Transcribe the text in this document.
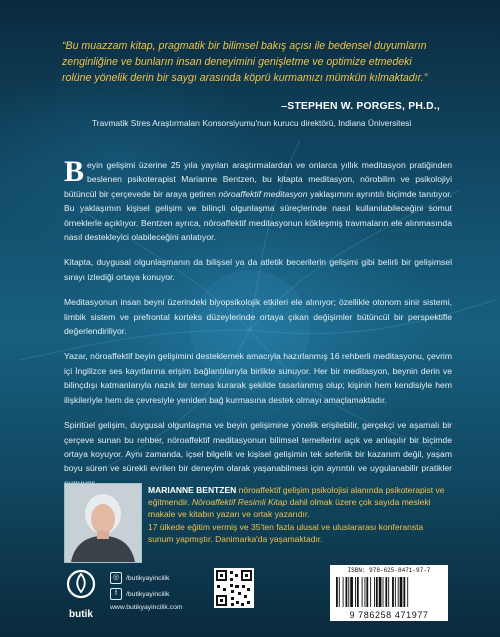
“Bu muazzam kitap, pragmatik bir bilimsel bakış açısı ile bedensel duyumların zenginliğine ve bunların insan deneyimini genişletme ve optimize etmedeki rolüne yönelik derin bir saygı arasında köprü kurmamızı mümkün kılmaktadır.”
–STEPHEN W. PORGES, PH.D.,
Travmatik Stres Araştırmaları Konsorsiyumu'nun kurucu direktörü, Indiana Üniversitesi

Beyin gelişimi üzerine 25 yıla yayılan araştırmalardan ve onlarca yıllık meditasyon pratiğinden beslenen psikoterapist Marianne Bentzen, bu kitapta meditasyon, nörobilim ve psikolojiyi bütüncül bir çerçevede bir araya getiren nöroaffektif meditasyon yaklaşımını ayrıntılı biçimde tanıtıyor. Bu yaklaşımın kişisel gelişim ve bilinçli olgunlaşma süreçlerinde nasıl kullanılabileceğini somut örneklerle açıklıyor. Bentzen ayrıca, nöroaffektif meditasyonun kökleşmiş travmaların ele alınmasında nasıl destekleyici olabileceğini anlatıyor.

Kitapta, duygusal olgunlaşmanın da bilişsel ya da atletik becerilerin gelişimi gibi belirli bir gelişimsel sırayı izlediği ortaya konuyor.

Meditasyonun insan beyni üzerindeki biyopsikolojik etkileri ele alınıyor; özellikle otonom sinir sistemi, limbik sistem ve prefrontal korteks düzeylerinde ortaya çıkan değişimler bütüncül bir perspektifle değerlendiriliyor.

Yazar, nöroaffektif beyin gelişimini desteklemek amacıyla hazırlanmış 16 rehberli meditasyonu, çevrim içi İngilizce ses kayıtlarına erişim bağlantılarıyla birlikte sunuyor. Her bir meditasyon, beynin derin ve bilinçdışı katmanlarıyla nazık bir temas kurarak şekilde tasarlanmış olup; kişinin hem kendisiyle hem ilişkileriyle hem de çevresiyle yeniden bağ kurmasına destek olmayı amaçlamaktadır.

Spiritüel gelişim, duygusal olgunlaşma ve beyin gelişimine yönelik erişilebilir, gerçekçi ve aşamalı bir çerçeve sunan bu rehber, nöroaffektif meditasyonun bilimsel temellerini açık ve anlaşılır bir biçimde ortaya koyuyor. Aynı zamanda, içsel bilgelik ve kişisel gelişimin tek seferlik bir kazanım değil, yaşam boyu süren ve sürekli evrilen bir deneyim olarak yaşanabilmesi için ayrıntılı ve uygulanabilir pratikler

MARIANNE BENTZEN nöroaffektif gelişim psikolojisi alanında psikoterapist ve eğitmendir. Nöroaffektif Resimli Kitap dahil olmak üzere çok sayıda mesleki makale ve kitabın yazarı ve ortak yazarıdır.
17 ülkede eğitim vermiş ve 35'ten fazla ulusal ve uluslararası konferansta sunum yapmıştır. Danimarka'da yaşamaktadır.
butik
◎	/butikyayincilik
f	/butikyayincilik
www.butikyayincilik.com
ISBN: 978-625-8471-97-7
9 786258 471977
